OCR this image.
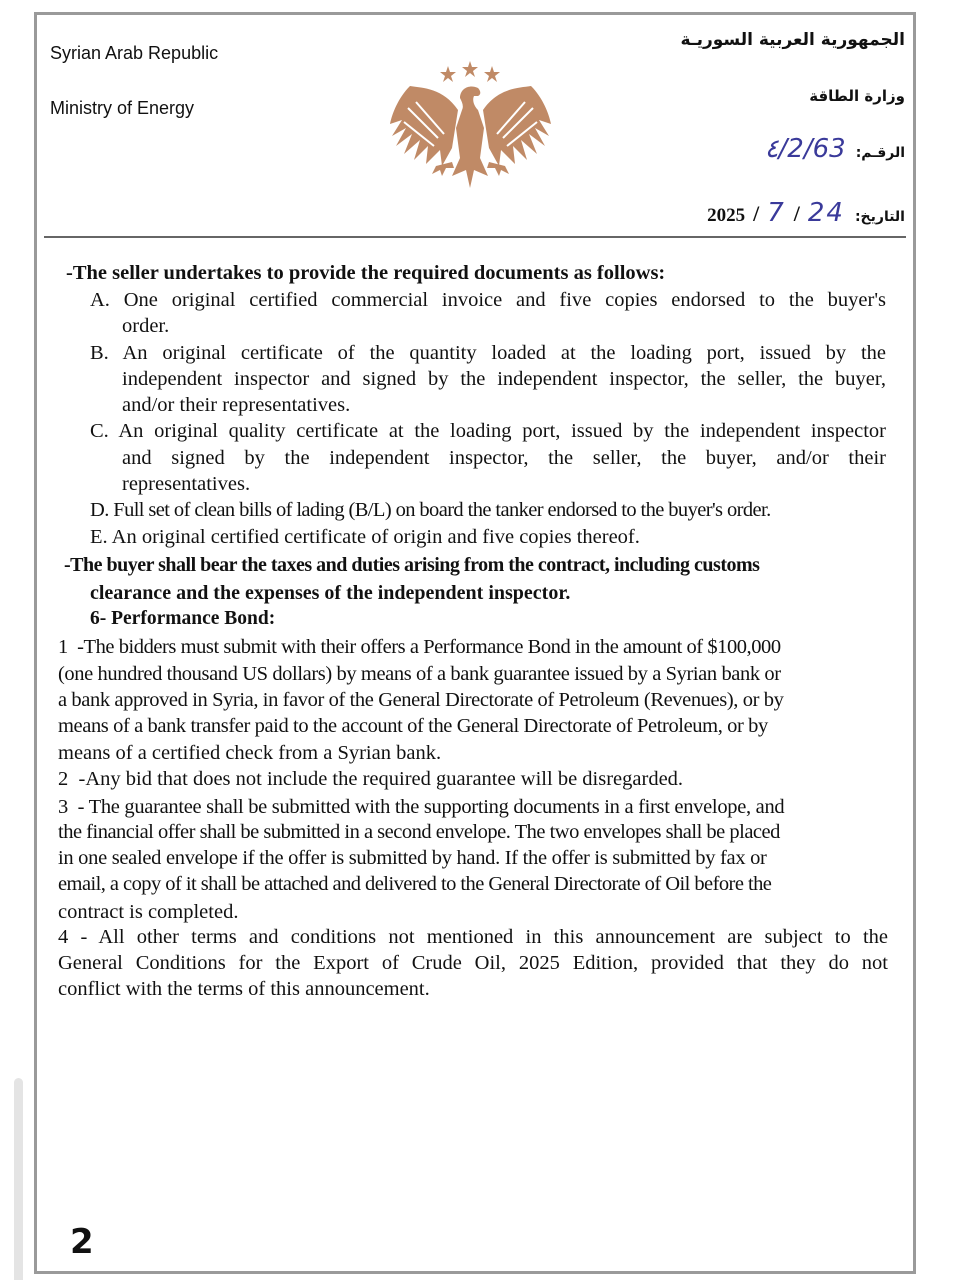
Syrian Arab Republic
Ministry of Energy
الجمهورية العربية السوريـة
وزارة الطاقة
الرقـم:
٤/2/63
التاريخ:
2025 / 7 / 24
-The seller undertakes to provide the required documents as follows:
A. One original certified commercial invoice and five copies endorsed to the buyer's
order.
B. An original certificate of the quantity loaded at the loading port, issued by the
independent inspector and signed by the independent inspector, the seller, the buyer,
and/or their representatives.
C. An original quality certificate at the loading port, issued by the independent inspector
and signed by the independent inspector, the seller, the buyer, and/or their
representatives.
D. Full set of clean bills of lading (B/L) on board the tanker endorsed to the buyer's order.
E. An original certified certificate of origin and five copies thereof.
-The buyer shall bear the taxes and duties arising from the contract, including customs
clearance and the expenses of the independent inspector.
6- Performance Bond:
1 -The bidders must submit with their offers a Performance Bond in the amount of $100,000
(one hundred thousand US dollars) by means of a bank guarantee issued by a Syrian bank or
a bank approved in Syria, in favor of the General Directorate of Petroleum (Revenues), or by
means of a bank transfer paid to the account of the General Directorate of Petroleum, or by
means of a certified check from a Syrian bank.
2 -Any bid that does not include the required guarantee will be disregarded.
3 - The guarantee shall be submitted with the supporting documents in a first envelope, and
the financial offer shall be submitted in a second envelope. The two envelopes shall be placed
in one sealed envelope if the offer is submitted by hand. If the offer is submitted by fax or
email, a copy of it shall be attached and delivered to the General Directorate of Oil before the
contract is completed.
4 - All other terms and conditions not mentioned in this announcement are subject to the
General Conditions for the Export of Crude Oil, 2025 Edition, provided that they do not
conflict with the terms of this announcement.
2
